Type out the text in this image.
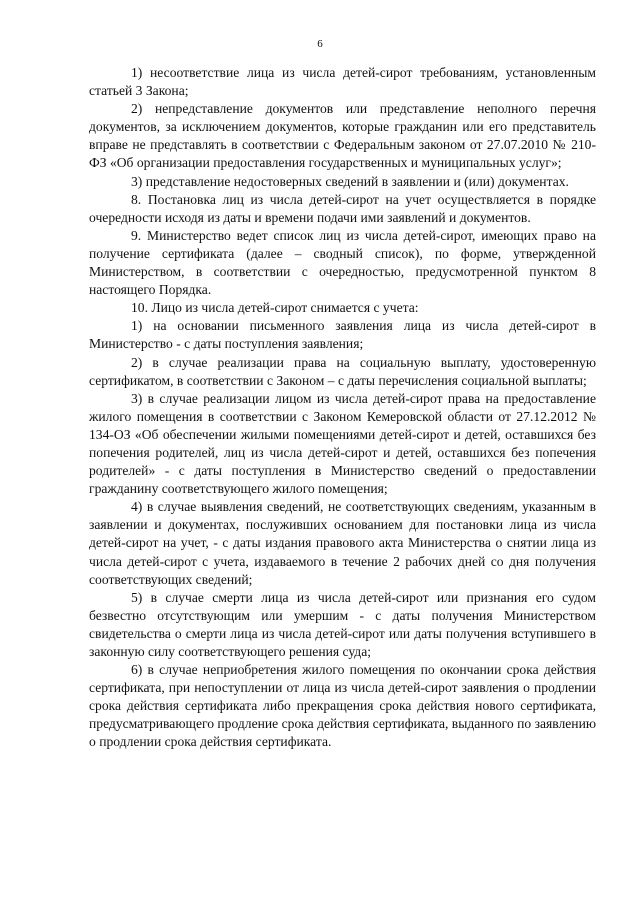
6

1) несоответствие лица из числа детей-сирот требованиям, установленным статьей 3 Закона;

2) непредставление документов или представление неполного перечня документов, за исключением документов, которые гражданин или его представитель вправе не представлять в соответствии с Федеральным законом от 27.07.2010 № 210-ФЗ «Об организации предоставления государственных и муниципальных услуг»;

3) представление недостоверных сведений в заявлении и (или) документах.

8. Постановка лиц из числа детей-сирот на учет осуществляется в порядке очередности исходя из даты и времени подачи ими заявлений и документов.

9. Министерство ведет список лиц из числа детей-сирот, имеющих право на получение сертификата (далее – сводный список), по форме, утвержденной Министерством, в соответствии с очередностью, предусмотренной пунктом 8 настоящего Порядка.

10. Лицо из числа детей-сирот снимается с учета:

1) на основании письменного заявления лица из числа детей-сирот в Министерство - с даты поступления заявления;

2) в случае реализации права на социальную выплату, удостоверенную сертификатом, в соответствии с Законом – с даты перечисления социальной выплаты;

3) в случае реализации лицом из числа детей-сирот права на предоставление жилого помещения в соответствии с Законом Кемеровской области от 27.12.2012 № 134-ОЗ «Об обеспечении жилыми помещениями детей-сирот и детей, оставшихся без попечения родителей, лиц из числа детей-сирот и детей, оставшихся без попечения родителей» - с даты поступления в Министерство сведений о предоставлении гражданину соответствующего жилого помещения;

4) в случае выявления сведений, не соответствующих сведениям, указанным в заявлении и документах, послуживших основанием для постановки лица из числа детей-сирот на учет, - с даты издания правового акта Министерства о снятии лица из числа детей-сирот с учета, издаваемого в течение 2 рабочих дней со дня получения соответствующих сведений;

5) в случае смерти лица из числа детей-сирот или признания его судом безвестно отсутствующим или умершим - с даты получения Министерством свидетельства о смерти лица из числа детей-сирот или даты получения вступившего в законную силу соответствующего решения суда;

6) в случае неприобретения жилого помещения по окончании срока действия сертификата, при непоступлении от лица из числа детей-сирот заявления о продлении срока действия сертификата либо прекращения срока действия нового сертификата, предусматривающего продление срока действия сертификата, выданного по заявлению о продлении срока действия сертификата.
